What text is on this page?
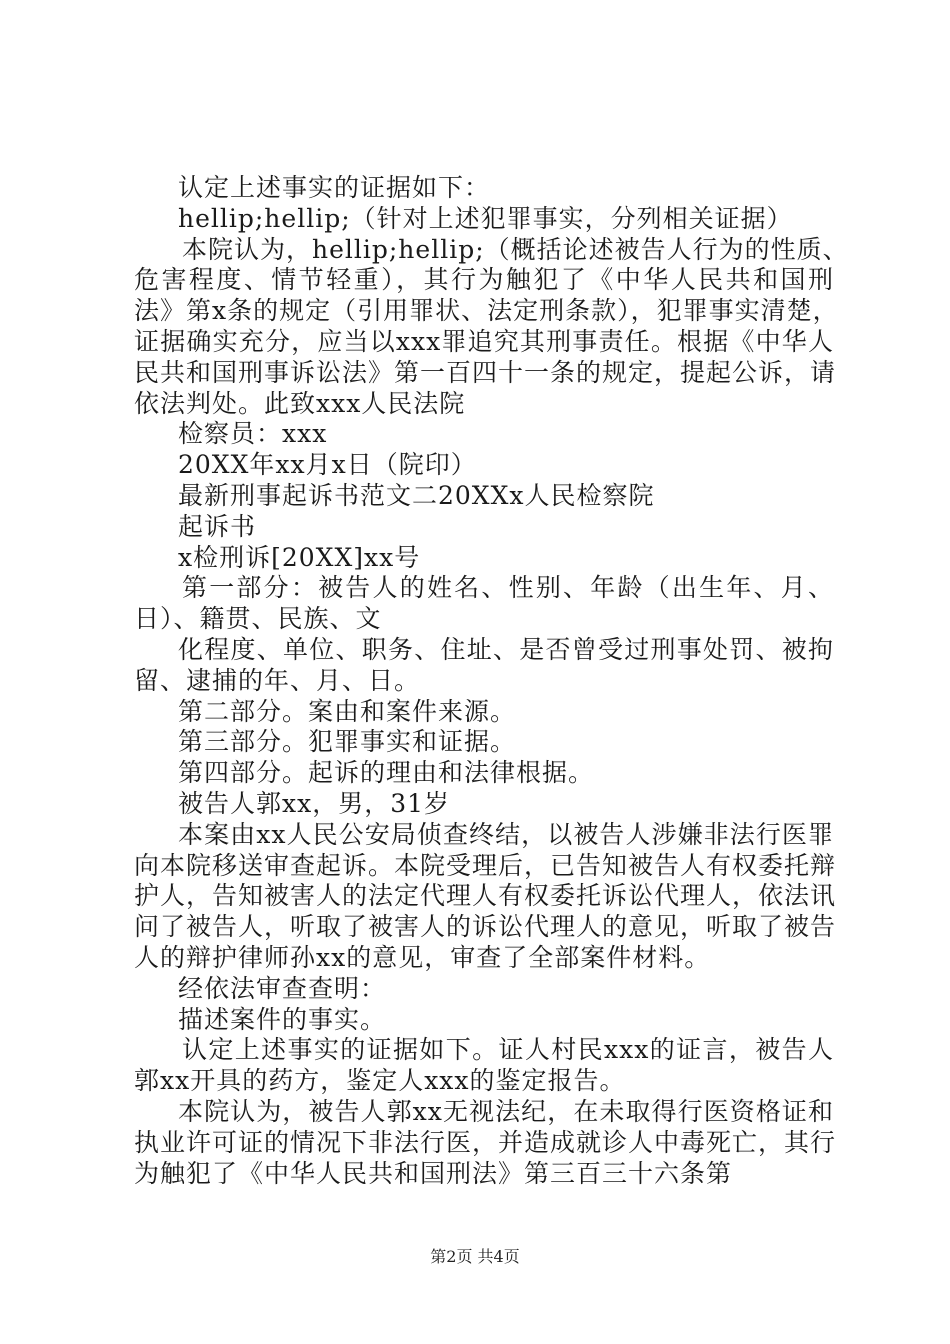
认定上述事实的证据如下：
hellip;hellip;（针对上述犯罪事实，分列相关证据）
本院认为，hellip;hellip;（概括论述被告人行为的性质、
危害程度、情节轻重），其行为触犯了《中华人民共和国刑
法》第x条的规定（引用罪状、法定刑条款），犯罪事实清楚，
证据确实充分，应当以xxx罪追究其刑事责任。根据《中华人
民共和国刑事诉讼法》第一百四十一条的规定，提起公诉，请
依法判处。此致xxx人民法院
检察员：xxx
20XX年xx月x日（院印）
最新刑事起诉书范文二20XXx人民检察院
起诉书
x检刑诉[20XX]xx号
第一部分：被告人的姓名、性别、年龄（出生年、月、
日）、籍贯、民族、文
化程度、单位、职务、住址、是否曾受过刑事处罚、被拘
留、逮捕的年、月、日。
第二部分。案由和案件来源。
第三部分。犯罪事实和证据。
第四部分。起诉的理由和法律根据。
被告人郭xx，男，31岁
本案由xx人民公安局侦查终结，以被告人涉嫌非法行医罪
向本院移送审查起诉。本院受理后，已告知被告人有权委托辩
护人，告知被害人的法定代理人有权委托诉讼代理人，依法讯
问了被告人，听取了被害人的诉讼代理人的意见，听取了被告
人的辩护律师孙xx的意见，审查了全部案件材料。
经依法审查查明：
描述案件的事实。
认定上述事实的证据如下。证人村民xxx的证言，被告人
郭xx开具的药方，鉴定人xxx的鉴定报告。
本院认为，被告人郭xx无视法纪，在未取得行医资格证和
执业许可证的情况下非法行医，并造成就诊人中毒死亡，其行
为触犯了《中华人民共和国刑法》第三百三十六条第
第2页 共4页
